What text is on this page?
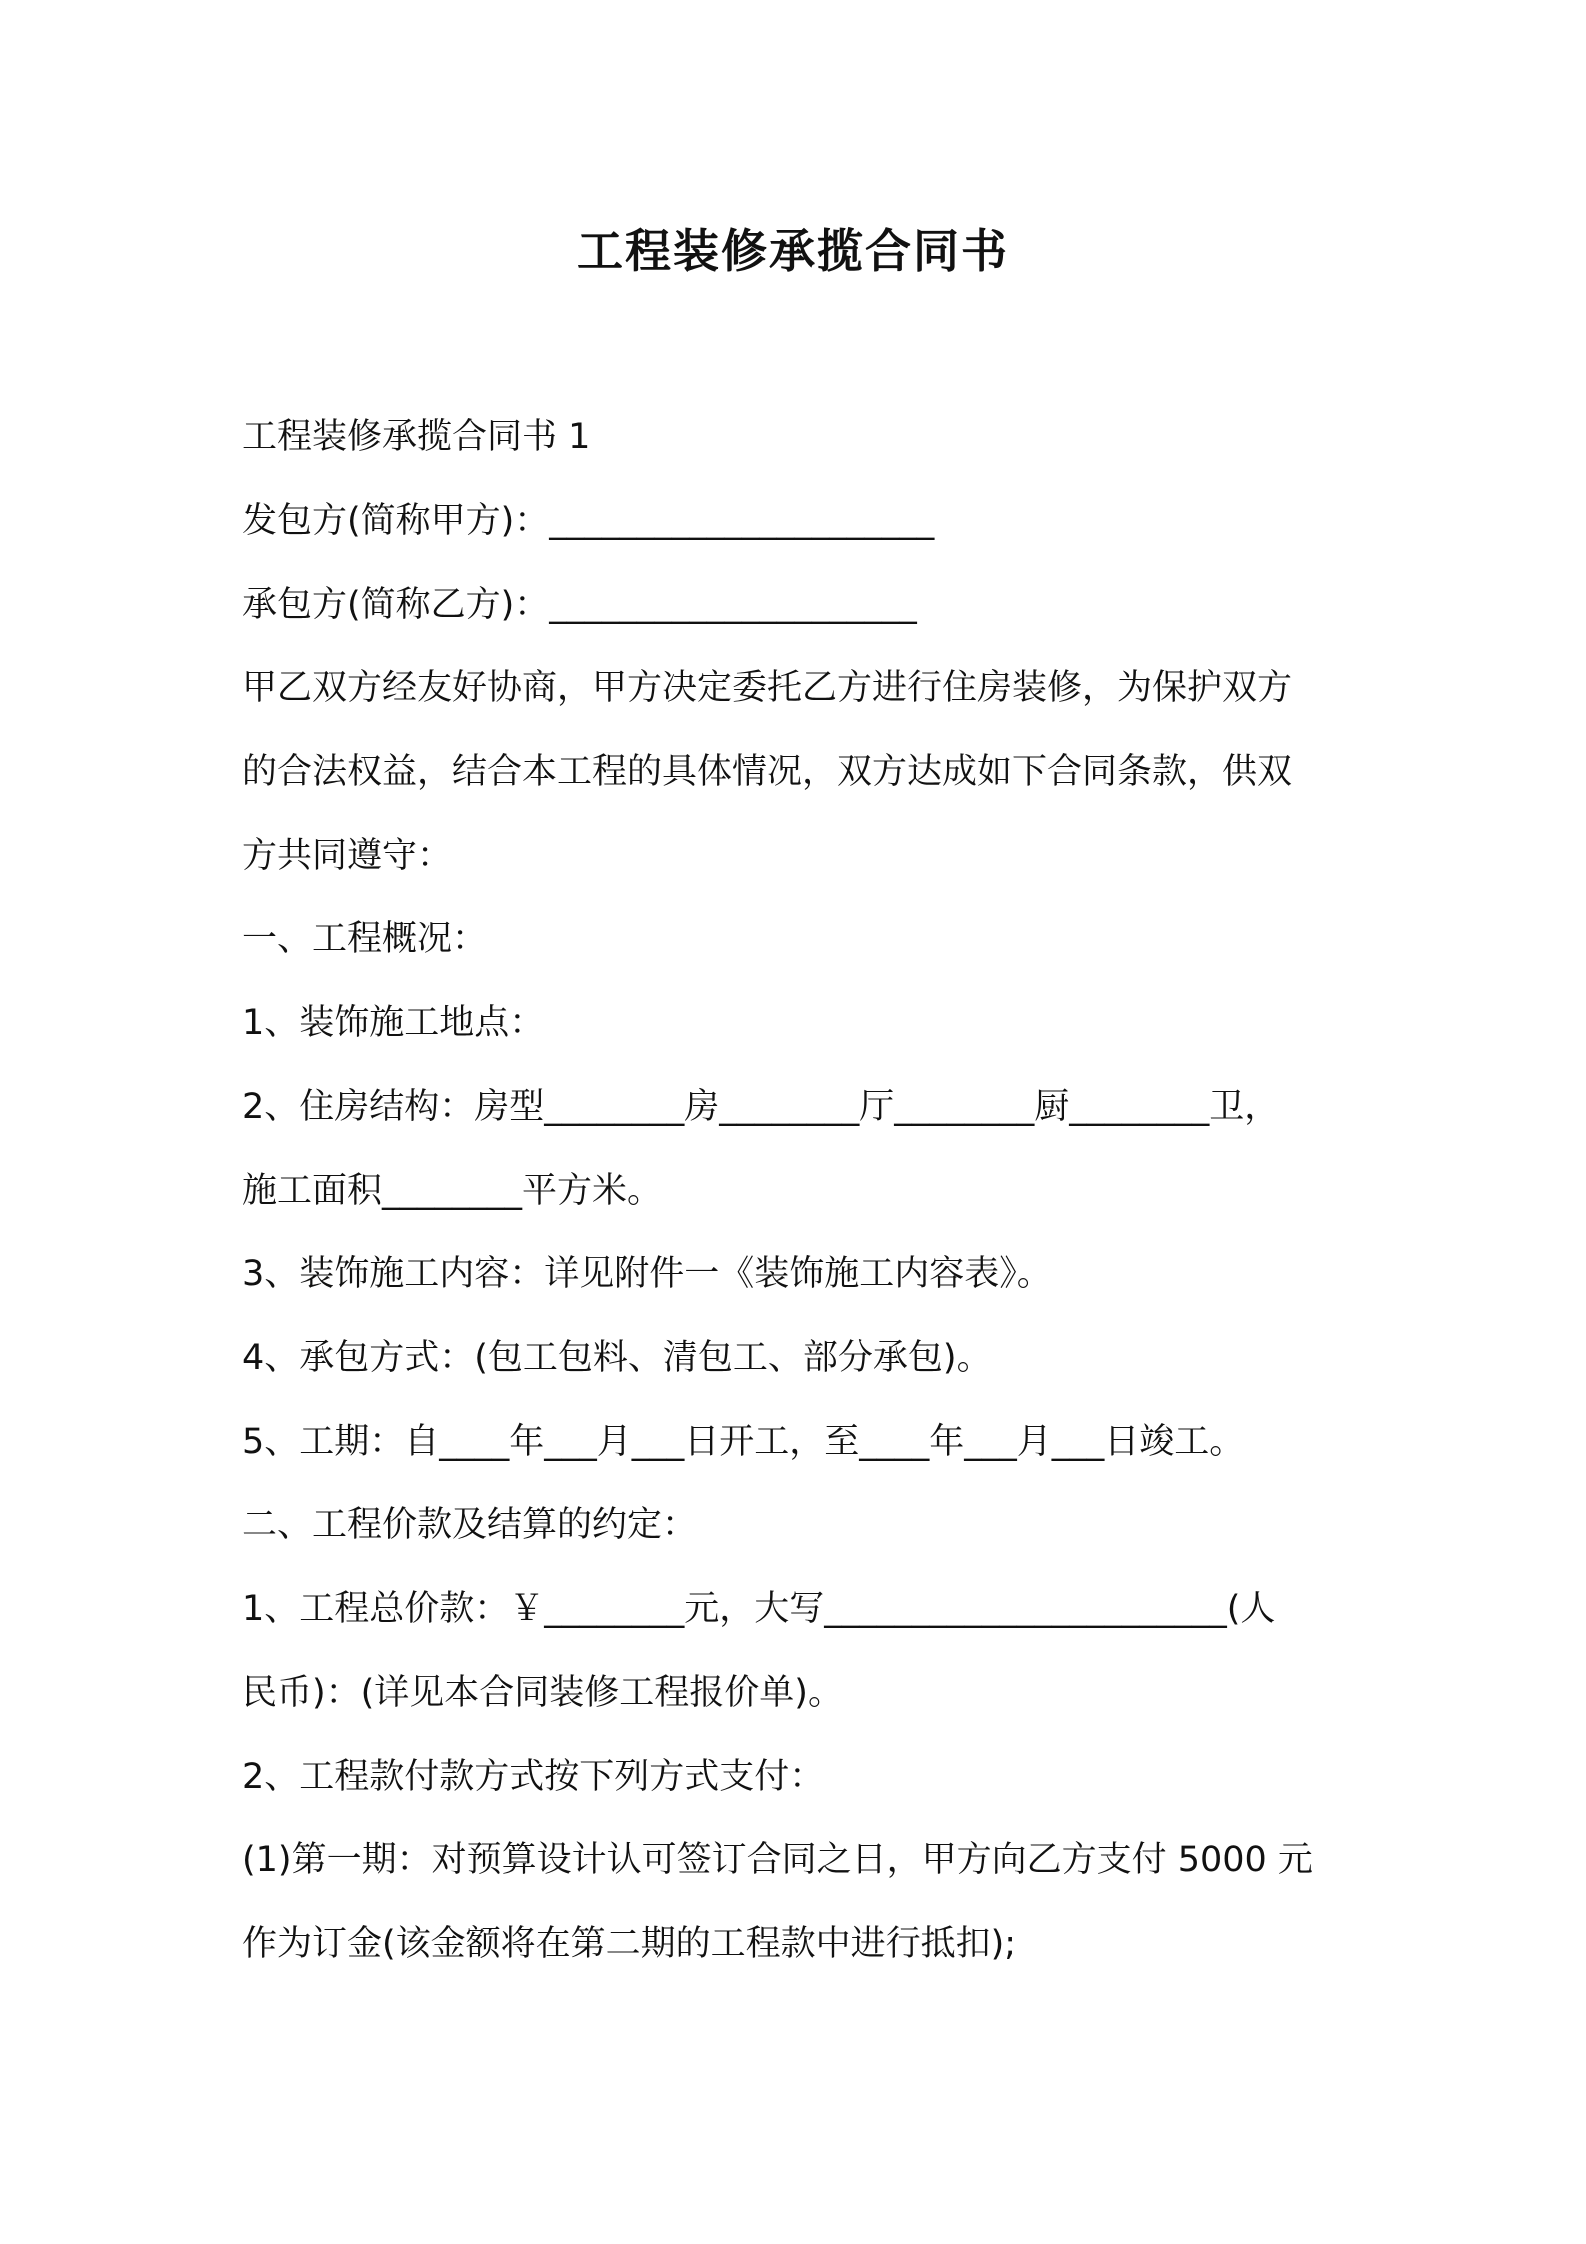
工程装修承揽合同书
工程装修承揽合同书 1
发包方(简称甲方)：______________________
承包方(简称乙方)：_____________________
甲乙双方经友好协商，甲方决定委托乙方进行住房装修，为保护双方
的合法权益，结合本工程的具体情况，双方达成如下合同条款，供双
方共同遵守：
一、工程概况：
1、装饰施工地点：
2、住房结构：房型________房________厅________厨________卫，
施工面积________平方米。
3、装饰施工内容：详见附件一《装饰施工内容表》。
4、承包方式：(包工包料、清包工、部分承包)。
5、工期：自____年___月___日开工，至____年___月___日竣工。
二、工程价款及结算的约定：
1、工程总价款：￥________元，大写_______________________(人
民币)：(详见本合同装修工程报价单)。
2、工程款付款方式按下列方式支付：
(1)第一期：对预算设计认可签订合同之日，甲方向乙方支付 5000 元
作为订金(该金额将在第二期的工程款中进行抵扣);
